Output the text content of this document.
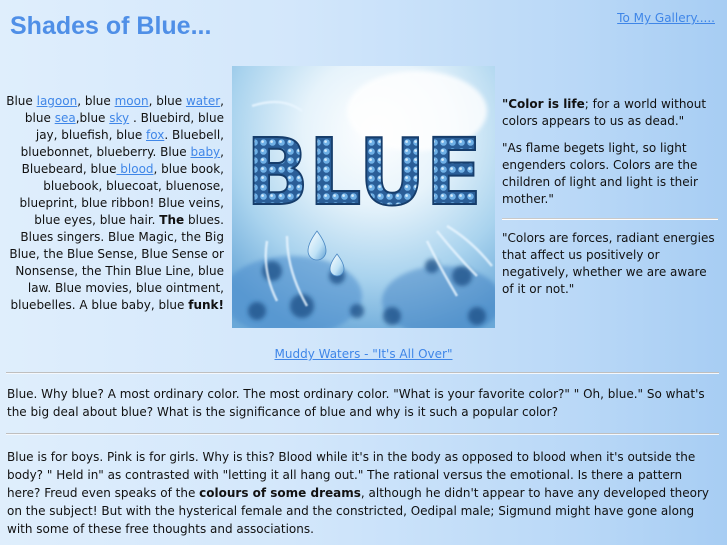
Shades of Blue...	To My Gallery.....
Blue lagoon, blue moon, blue water, blue sea,blue sky . Bluebird, blue jay, bluefish, blue fox. Bluebell, bluebonnet, blueberry. Blue baby, Bluebeard, blue blood, blue book, bluebook, bluecoat, bluenose, blueprint, blue ribbon! Blue veins, blue eyes, blue hair. The blues. Blues singers. Blue Magic, the Big Blue, the Blue Sense, Blue Sense or Nonsense, the Thin Blue Line, blue law. Blue movies, blue ointment, bluebelles. A blue baby, blue funk!
BLUE
Muddy Waters - "It's All Over"

"Color is life; for a world without colors appears to us as dead."

"As flame begets light, so light engenders colors. Colors are the children of light and light is their mother."

"Colors are forces, radiant energies that affect us positively or negatively, whether we are aware of it or not."

Blue. Why blue? A most ordinary color. The most ordinary color. "What is your favorite color?" " Oh, blue." So what's the big deal about blue? What is the significance of blue and why is it such a popular color?

Blue is for boys. Pink is for girls. Why is this? Blood while it's in the body as opposed to blood when it's outside the body? " Held in" as contrasted with "letting it all hang out." The rational versus the emotional. Is there a pattern here? Freud even speaks of the colours of some dreams, although he didn't appear to have any developed theory on the subject! But with the hysterical female and the constricted, Oedipal male; Sigmund might have gone along with some of these free thoughts and associations.
